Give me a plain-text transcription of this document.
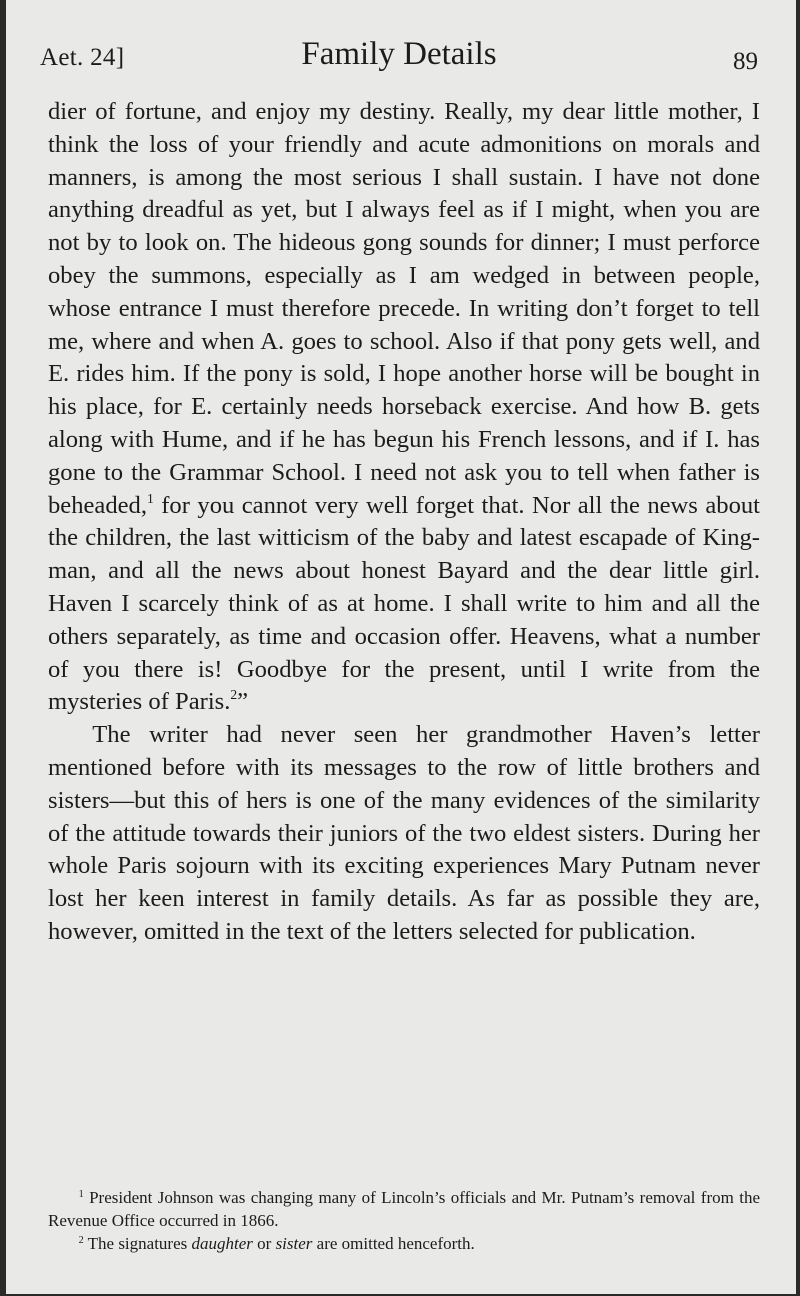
Aet. 24]	Family Details	89

dier of fortune, and enjoy my destiny. Really, my dear little mother, I think the loss of your friendly and acute admonitions on morals and manners, is among the most serious I shall sustain. I have not done anything dreadful as yet, but I always feel as if I might, when you are not by to look on. The hideous gong sounds for dinner; I must perforce obey the summons, especially as I am wedged in between people, whose entrance I must therefore precede. In writing don’t forget to tell me, where and when A. goes to school. Also if that pony gets well, and E. rides him. If the pony is sold, I hope another horse will be bought in his place, for E. certainly needs horseback exercise. And how B. gets along with Hume, and if he has begun his French lessons, and if I. has gone to the Grammar School. I need not ask you to tell when father is beheaded,$^1$ for you cannot very well forget that. Nor all the news about the children, the last witticism of the baby and latest escapade of Kingman, and all the news about honest Bayard and the dear little girl. Haven I scarcely think of as at home. I shall write to him and all the others separately, as time and occasion offer. Heavens, what a number of you there is! Goodbye for the present, until I write from the mysteries of Paris.$^2$”

The writer had never seen her grandmother Haven’s letter mentioned before with its messages to the row of little brothers and sisters—but this of hers is one of the many evidences of the similarity of the attitude towards their juniors of the two eldest sisters. During her whole Paris sojourn with its exciting experiences Mary Putnam never lost her keen interest in family details. As far as possible they are, however, omitted in the text of the letters selected for publication.

$^1$ President Johnson was changing many of Lincoln’s officials and Mr. Putnam’s removal from the Revenue Office occurred in 1866.

$^2$ The signatures daughter or sister are omitted henceforth.
